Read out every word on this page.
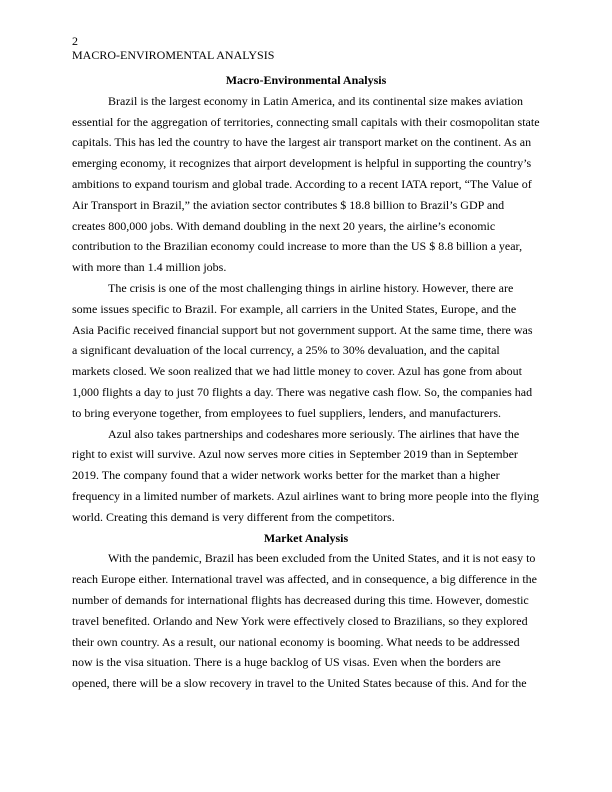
2
MACRO-ENVIROMENTAL ANALYSIS
Macro-Environmental Analysis

Brazil is the largest economy in Latin America, and its continental size makes aviation essential for the aggregation of territories, connecting small capitals with their cosmopolitan state capitals. This has led the country to have the largest air transport market on the continent. As an emerging economy, it recognizes that airport development is helpful in supporting the country’s ambitions to expand tourism and global trade. According to a recent IATA report, “The Value of Air Transport in Brazil,” the aviation sector contributes $ 18.8 billion to Brazil’s GDP and creates 800,000 jobs. With demand doubling in the next 20 years, the airline’s economic contribution to the Brazilian economy could increase to more than the US $ 8.8 billion a year, with more than 1.4 million jobs.

The crisis is one of the most challenging things in airline history. However, there are some issues specific to Brazil. For example, all carriers in the United States, Europe, and the Asia Pacific received financial support but not government support. At the same time, there was a significant devaluation of the local currency, a 25% to 30% devaluation, and the capital markets closed. We soon realized that we had little money to cover. Azul has gone from about 1,000 flights a day to just 70 flights a day. There was negative cash flow. So, the companies had to bring everyone together, from employees to fuel suppliers, lenders, and manufacturers.

Azul also takes partnerships and codeshares more seriously. The airlines that have the right to exist will survive. Azul now serves more cities in September 2019 than in September 2019. The company found that a wider network works better for the market than a higher frequency in a limited number of markets. Azul airlines want to bring more people into the flying world. Creating this demand is very different from the competitors.

Market Analysis

With the pandemic, Brazil has been excluded from the United States, and it is not easy to reach Europe either. International travel was affected, and in consequence, a big difference in the number of demands for international flights has decreased during this time. However, domestic travel benefited. Orlando and New York were effectively closed to Brazilians, so they explored their own country. As a result, our national economy is booming. What needs to be addressed now is the visa situation. There is a huge backlog of US visas. Even when the borders are opened, there will be a slow recovery in travel to the United States because of this. And for the
